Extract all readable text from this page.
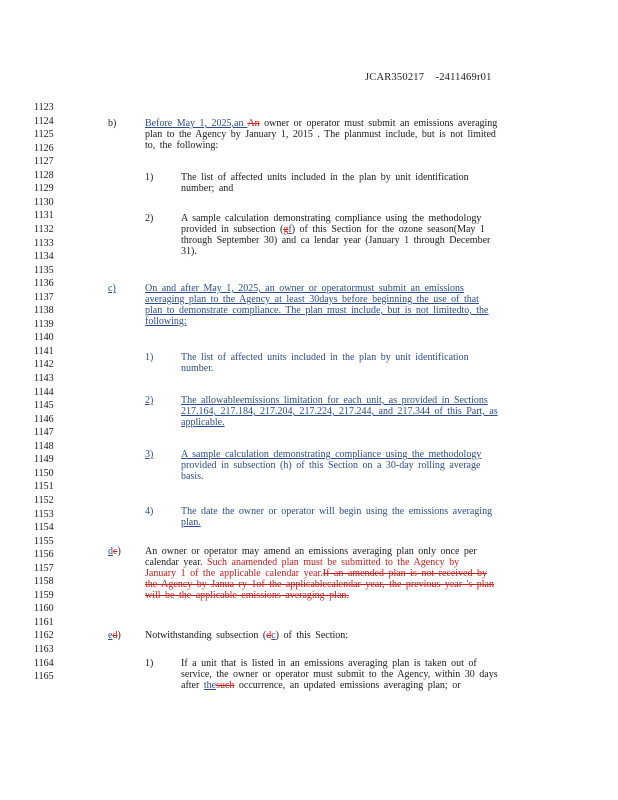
JCAR350217 -2411469r01
1123
1124
1125
1126
1127
1128
1129
1130
1131
1132
1133
1134
1135
1136
1137
1138
1139
1140
1141
1142
1143
1144
1145
1146
1147
1148
1149
1150
1151
1152
1153
1154
1155
1156
1157
1158
1159
1160
1161
1162
1163
1164
1165
b)	Before May 1, 2025,an An owner or operator must submit an emissions averaging
plan to the Agency by January 1, 2015 . The planmust include, but is not limited
to, the following:
1)	The list of affected units included in the plan by unit identification
number; and
2)	A sample calculation demonstrating compliance using the methodology
provided in subsection (gf) of this Section for the ozone season(May 1
through September 30) and ca lendar year (January 1 through December
31).
c)	On and after May 1, 2025, an owner or operatormust submit an emissions
averaging plan to the Agency at least 30days before beginning the use of that
plan to demonstrate compliance. The plan must include, but is not limitedto, the
following:
1)	The list of affected units included in the plan by unit identification
number.
2)	The allowableemissions limitation for each unit, as provided in Sections
217.164, 217.184, 217.204, 217.224, 217.244, and 217.344 of this Part, as
applicable.
3)	A sample calculation demonstrating compliance using the methodology
provided in subsection (h) of this Section on a 30-day rolling average
basis.
4)	The date the owner or operator will begin using the emissions averaging
plan.
dc) An owner or operator may amend an emissions averaging plan only once per
calendar year. Such anamended plan must be submitted to the Agency by
January 1 of the applicable calendar year.If an amended plan is not received by
the Agency by Janua ry 1of the applicablecalendar year, the previous year 's plan
will be the applicable emissions averaging plan.
ed) Notwithstanding subsection (dc) of this Section:
1)	If a unit that is listed in an emissions averaging plan is taken out of
service, the owner or operator must submit to the Agency, within 30 days
after thesuch occurrence, an updated emissions averaging plan; or
